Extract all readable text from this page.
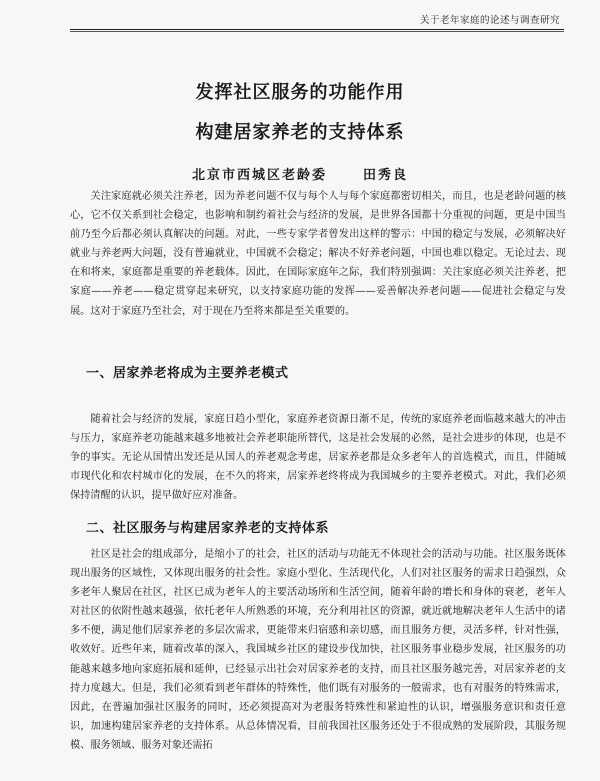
关于老年家庭的论述与调查研究
发挥社区服务的功能作用
构建居家养老的支持体系
北京市西城区老龄委	田秀良

关注家庭就必须关注养老，因为养老问题不仅与每个人与每个家庭都密切相关，而且，也是老龄问题的核心，它不仅关系到社会稳定，也影响和制约着社会与经济的发展，是世界各国都十分重视的问题，更是中国当前乃至今后都必须认真解决的问题。对此，一些专家学者曾发出这样的警示：中国的稳定与发展，必须解决好就业与养老两大问题，没有普遍就业，中国就不会稳定；解决不好养老问题，中国也难以稳定。无论过去、现在和将来，家庭都是重要的养老载体。因此，在国际家庭年之际，我们特别强调：关注家庭必须关注养老，把家庭——养老——稳定贯穿起来研究，以支持家庭功能的发挥——妥善解决养老问题——促进社会稳定与发展。这对于家庭乃至社会，对于现在乃至将来都是至关重要的。

一、居家养老将成为主要养老模式

随着社会与经济的发展，家庭日趋小型化，家庭养老资源日渐不足，传统的家庭养老面临越来越大的冲击与压力，家庭养老功能越来越多地被社会养老职能所替代，这是社会发展的必然，是社会进步的体现，也是不争的事实。无论从国情出发还是从国人的养老观念考虑，居家养老都是众多老年人的首选模式，而且，伴随城市现代化和农村城市化的发展，在不久的将来，居家养老终将成为我国城乡的主要养老模式。对此，我们必须保持清醒的认识，提早做好应对准备。

二、社区服务与构建居家养老的支持体系

社区是社会的组成部分，是缩小了的社会，社区的活动与功能无不体现社会的活动与功能。社区服务既体现出服务的区域性，又体现出服务的社会性。家庭小型化、生活现代化，人们对社区服务的需求日趋强烈，众多老年人聚居在社区，社区已成为老年人的主要活动场所和生活空间，随着年龄的增长和身体的衰老，老年人对社区的依附性越来越强，依托老年人所熟悉的环境，充分利用社区的资源，就近就地解决老年人生活中的诸多不便，满足他们居家养老的多层次需求，更能带来归宿感和亲切感，而且服务方便，灵活多样，针对性强，收效好。近些年来，随着改革的深入，我国城乡社区的建设步伐加快，社区服务事业稳步发展，社区服务的功能越来越多地向家庭拓展和延伸，已经显示出社会对居家养老的支持，而且社区服务越完善，对居家养老的支持力度越大。但是，我们必须看到老年群体的特殊性，他们既有对服务的一般需求，也有对服务的特殊需求，因此，在普遍加强社区服务的同时，还必须提高对为老服务特殊性和紧迫性的认识，增强服务意识和责任意识，加速构建居家养老的支持体系。从总体情况看，目前我国社区服务还处于不很成熟的发展阶段，其服务规模、服务领域、服务对象还需拓
